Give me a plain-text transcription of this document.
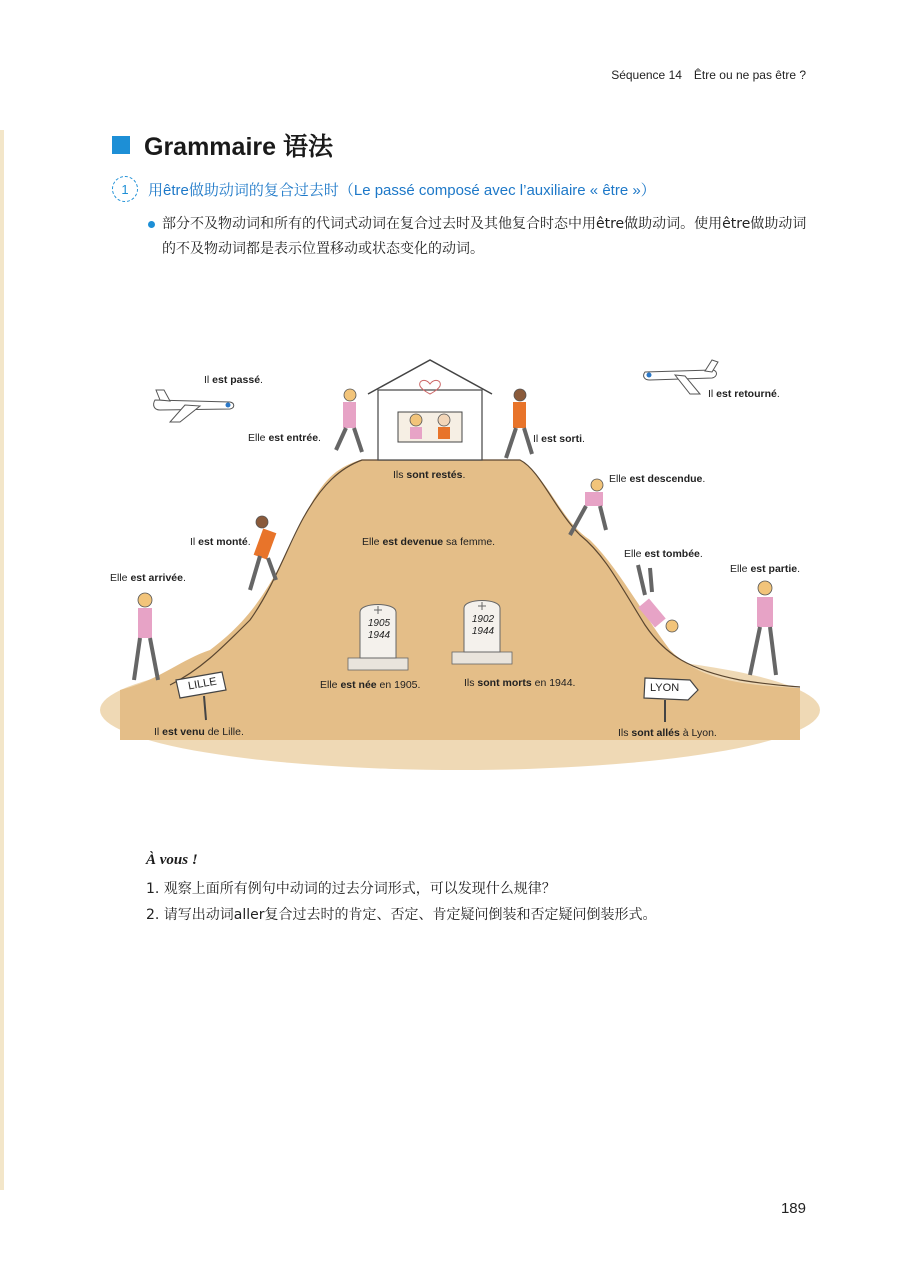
Séquence 14 Être ou ne pas être ?
Grammaire 语法
1	用être做助动词的复合过去时（Le passé composé avec l’auxiliaire « être »）
部分不及物动词和所有的代词式动词在复合过去时及其他复合时态中用être做助动词。使用être做助动词的不及物动词都是表示位置移动或状态变化的动词。
1905
1944
1902
1944
LILLE	LYON
Il est passé.
Il est retourné.
Elle est entrée.	Il est sorti.
Ils sont restés.	Elle est descendue.
Il est monté.	Elle est devenue sa femme.
Elle est tombée.
Elle est arrivée.
Elle est partie.
Elle est née en 1905.	Ils sont morts en 1944.
Il est venu de Lille.	Ils sont allés à Lyon.
À vous !
1. 观察上面所有例句中动词的过去分词形式，可以发现什么规律？
2. 请写出动词aller复合过去时的肯定、否定、肯定疑问倒装和否定疑问倒装形式。
189
